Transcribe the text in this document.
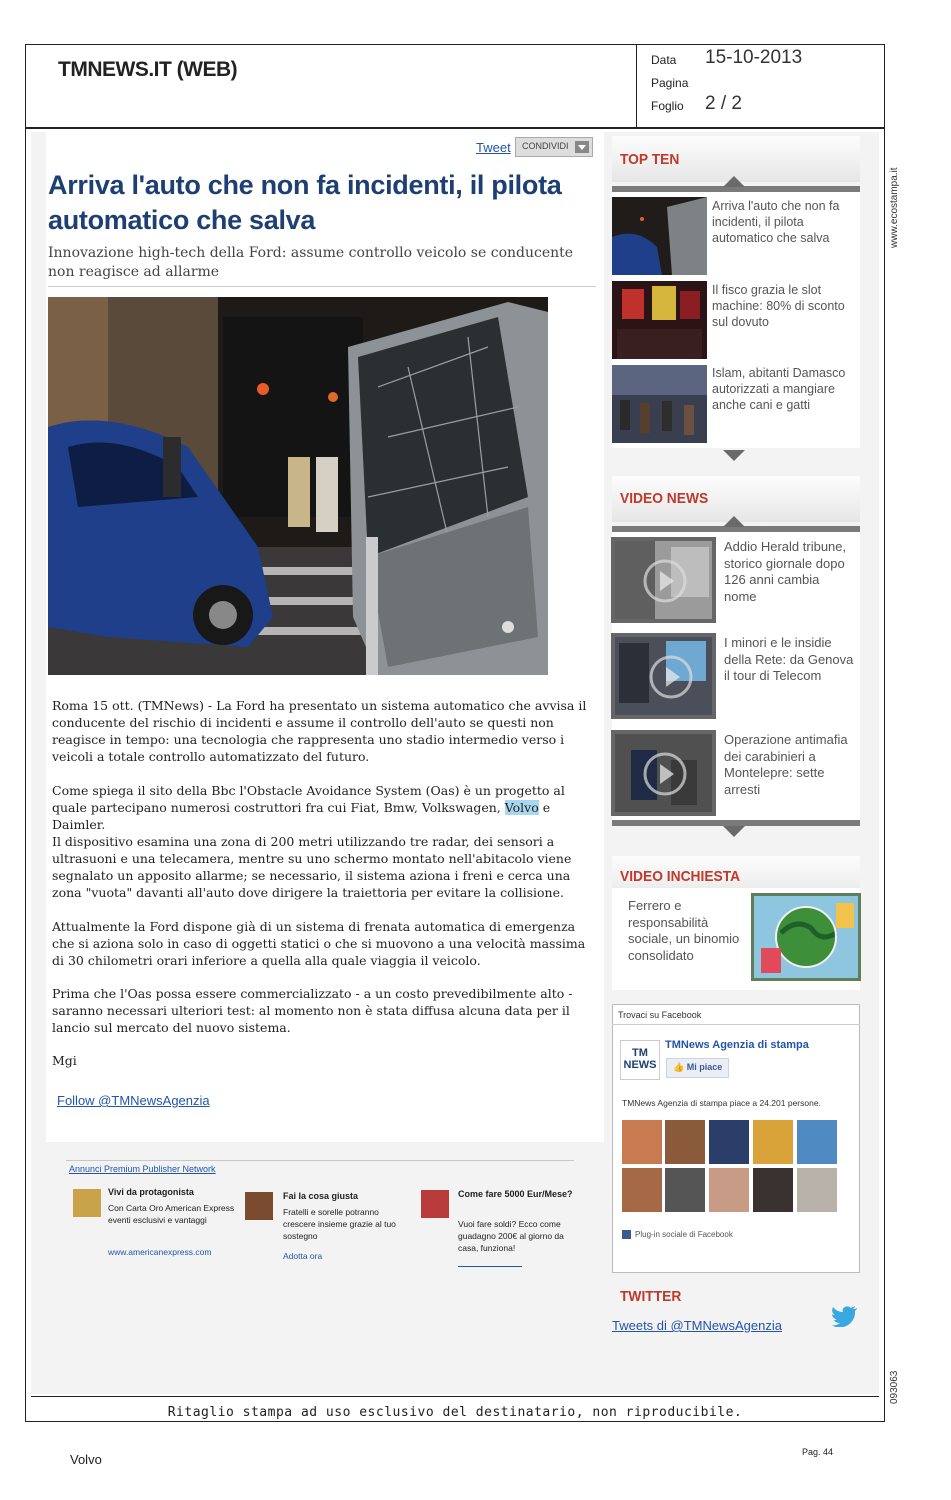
TMNEWS.IT (WEB)	Data 15-10-2013
Pagina
Foglio 2 / 2
www.ecostampa.it
093063
Tweet	CONDIVIDI
Arriva l'auto che non fa incidenti, il pilota automatico che salva
Innovazione high-tech della Ford: assume controllo veicolo se conducente non reagisce ad allarme
Roma 15 ott. (TMNews) - La Ford ha presentato un sistema automatico che avvisa il conducente del rischio di incidenti e assume il controllo dell'auto se questi non reagisce in tempo: una tecnologia che rappresenta uno stadio intermedio verso i veicoli a totale controllo automatizzato del futuro.
Come spiega il sito della Bbc l'Obstacle Avoidance System (Oas) è un progetto al quale partecipano numerosi costruttori fra cui Fiat, Bmw, Volkswagen, Volvo e Daimler.
Il dispositivo esamina una zona di 200 metri utilizzando tre radar, dei sensori a ultrasuoni e una telecamera, mentre su uno schermo montato nell'abitacolo viene segnalato un apposito allarme; se necessario, il sistema aziona i freni e cerca una zona "vuota" davanti all'auto dove dirigere la traiettoria per evitare la collisione.
Attualmente la Ford dispone già di un sistema di frenata automatica di emergenza che si aziona solo in caso di oggetti statici o che si muovono a una velocità massima di 30 chilometri orari inferiore a quella alla quale viaggia il veicolo.
Prima che l'Oas possa essere commercializzato - a un costo prevedibilmente alto - saranno necessari ulteriori test: al momento non è stata diffusa alcuna data per il lancio sul mercato del nuovo sistema.
Mgi
Follow @TMNewsAgenzia
Annunci Premium Publisher Network
Vivi da protagonista
Con Carta Oro American Express eventi esclusivi e vantaggi
www.americanexpress.com
Fai la cosa giusta
Fratelli e sorelle potranno crescere insieme grazie al tuo sostegno
Adotta ora
Come fare 5000 Eur/Mese?
Vuoi fare soldi? Ecco come guadagno 200€ al giorno da casa, funziona!
TOP TEN
Arriva l'auto che non fa incidenti, il pilota automatico che salva
Il fisco grazia le slot machine: 80% di sconto sul dovuto
Islam, abitanti Damasco autorizzati a mangiare anche cani e gatti
VIDEO NEWS
Addio Herald tribune, storico giornale dopo 126 anni cambia nome
I minori e le insidie della Rete: da Genova il tour di Telecom
Operazione antimafia dei carabinieri a Montelepre: sette arresti
VIDEO INCHIESTA
Ferrero e responsabilità sociale, un binomio consolidato
Trovaci su Facebook
TM NEWS
TMNews Agenzia di stampa
👍 Mi piace
TMNews Agenzia di stampa piace a 24.201 persone.
Plug-in sociale di Facebook
TWITTER
Tweets di @TMNewsAgenzia
Ritaglio stampa ad uso esclusivo del destinatario, non riproducibile.
Volvo	Pag. 44
